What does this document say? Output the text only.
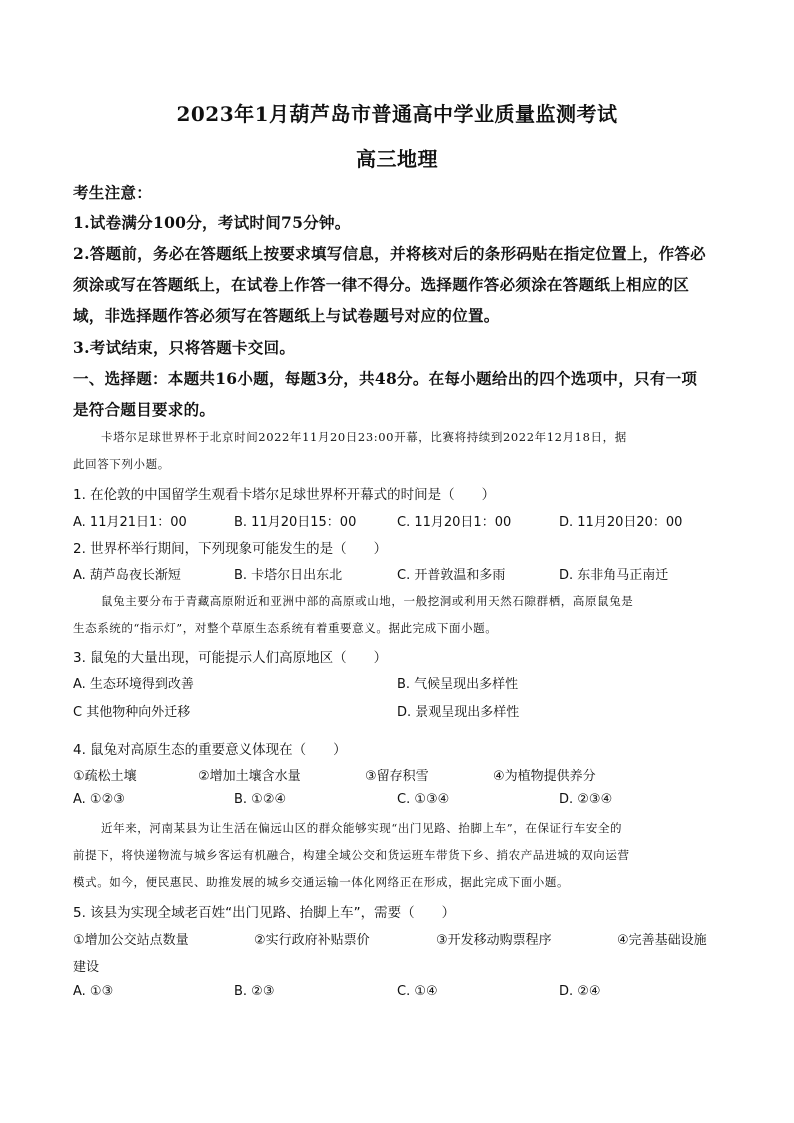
2023年1月葫芦岛市普通高中学业质量监测考试
高三地理
考生注意：
1.试卷满分100分，考试时间75分钟。
2.答题前，务必在答题纸上按要求填写信息，并将核对后的条形码贴在指定位置上，作答必
须涂或写在答题纸上，在试卷上作答一律不得分。选择题作答必须涂在答题纸上相应的区
域，非选择题作答必须写在答题纸上与试卷题号对应的位置。
3.考试结束，只将答题卡交回。
一、选择题：本题共16小题，每题3分，共48分。在每小题给出的四个选项中，只有一项
是符合题目要求的。
卡塔尔足球世界杯于北京时间2022年11月20日23:00开幕，比赛将持续到2022年12月18日，据
此回答下列小题。
1. 在伦敦的中国留学生观看卡塔尔足球世界杯开幕式的时间是（　　）
A. 11月21日1：00	B. 11月20日15：00	C. 11月20日1：00	D. 11月20日20：00
2. 世界杯举行期间，下列现象可能发生的是（　　）
A. 葫芦岛夜长渐短	B. 卡塔尔日出东北	C. 开普敦温和多雨	D. 东非角马正南迁
鼠兔主要分布于青藏高原附近和亚洲中部的高原或山地，一般挖洞或利用天然石隙群栖，高原鼠兔是
生态系统的“指示灯”，对整个草原生态系统有着重要意义。据此完成下面小题。
3. 鼠兔的大量出现，可能提示人们高原地区（　　）
A. 生态环境得到改善	B. 气候呈现出多样性
C 其他物种向外迁移	D. 景观呈现出多样性
4. 鼠兔对高原生态的重要意义体现在（　　）
①疏松土壤	②增加土壤含水量	③留存积雪	④为植物提供养分
A. ①②③	B. ①②④	C. ①③④	D. ②③④
近年来，河南某县为让生活在偏远山区的群众能够实现“出门见路、抬脚上车”，在保证行车安全的
前提下，将快递物流与城乡客运有机融合，构建全域公交和货运班车带货下乡、捎农产品进城的双向运营
模式。如今，便民惠民、助推发展的城乡交通运输一体化网络正在形成，据此完成下面小题。
5. 该县为实现全域老百姓“出门见路、抬脚上车”，需要（　　）
①增加公交站点数量	②实行政府补贴票价	③开发移动购票程序	④完善基础设施
建设
A. ①③	B. ②③	C. ①④	D. ②④
